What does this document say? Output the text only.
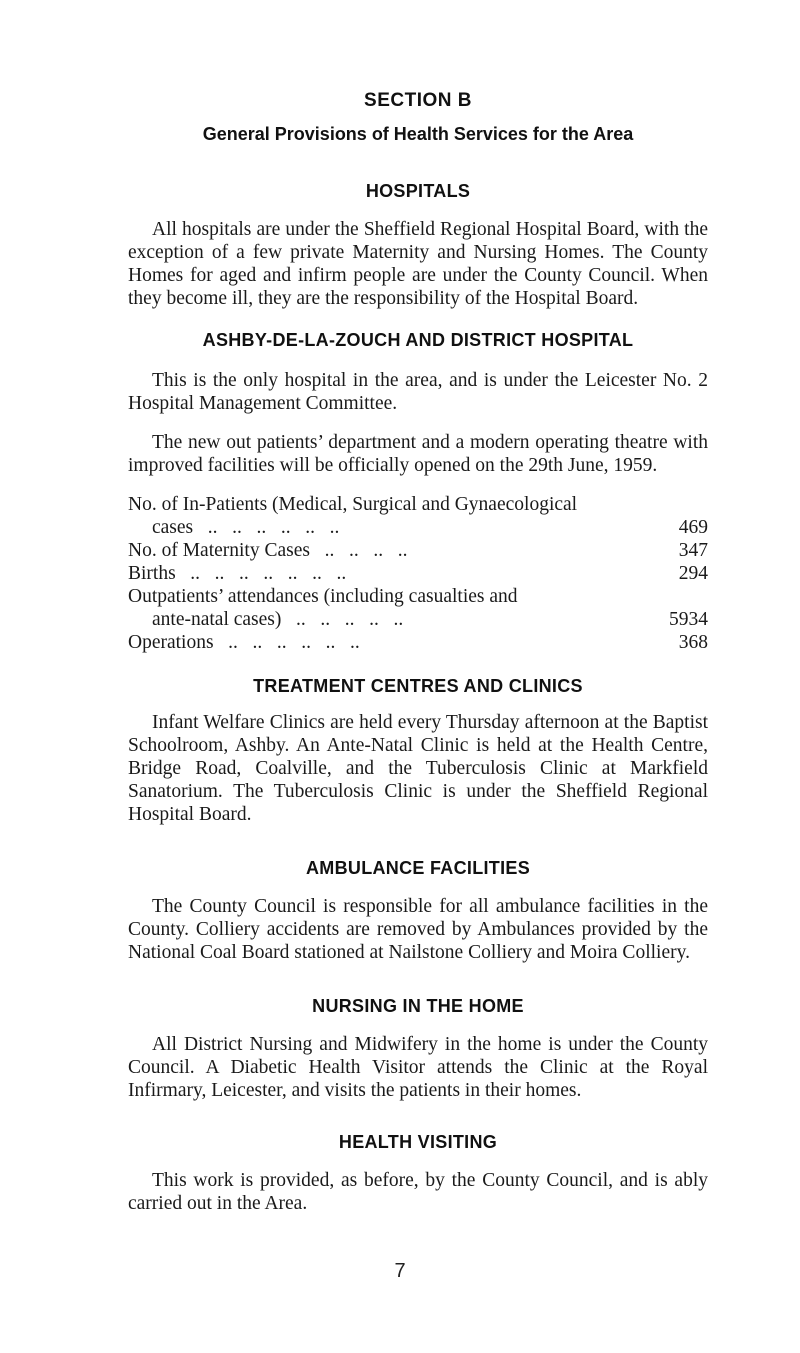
SECTION B
General Provisions of Health Services for the Area
HOSPITALS

All hospitals are under the Sheffield Regional Hospital Board, with the exception of a few private Maternity and Nursing Homes. The County Homes for aged and infirm people are under the County Council. When they become ill, they are the responsibility of the Hospital Board.

ASHBY-DE-LA-ZOUCH AND DISTRICT HOSPITAL

This is the only hospital in the area, and is under the Leicester No. 2 Hospital Management Committee.

The new out patients’ department and a modern operating theatre with improved facilities will be officially opened on the 29th June, 1959.

No. of In-Patients (Medical, Surgical and Gynaecological
cases   ..   ..   ..   ..   ..   ..	469
No. of Maternity Cases   ..   ..   ..   ..	347
Births   ..   ..   ..   ..   ..   ..   ..	294
Outpatients’ attendances (including casualties and
ante-natal cases)   ..   ..   ..   ..   ..	5934
Operations   ..   ..   ..   ..   ..   ..	368
TREATMENT CENTRES AND CLINICS

Infant Welfare Clinics are held every Thursday afternoon at the Baptist Schoolroom, Ashby. An Ante-Natal Clinic is held at the Health Centre, Bridge Road, Coalville, and the Tuberculosis Clinic at Markfield Sanatorium. The Tuberculosis Clinic is under the Sheffield Regional Hospital Board.

AMBULANCE FACILITIES

The County Council is responsible for all ambulance facilities in the County. Colliery accidents are removed by Ambulances provided by the National Coal Board stationed at Nailstone Colliery and Moira Colliery.

NURSING IN THE HOME

All District Nursing and Midwifery in the home is under the County Council. A Diabetic Health Visitor attends the Clinic at the Royal Infirmary, Leicester, and visits the patients in their homes.

HEALTH VISITING

This work is provided, as before, by the County Council, and is ably carried out in the Area.

7
